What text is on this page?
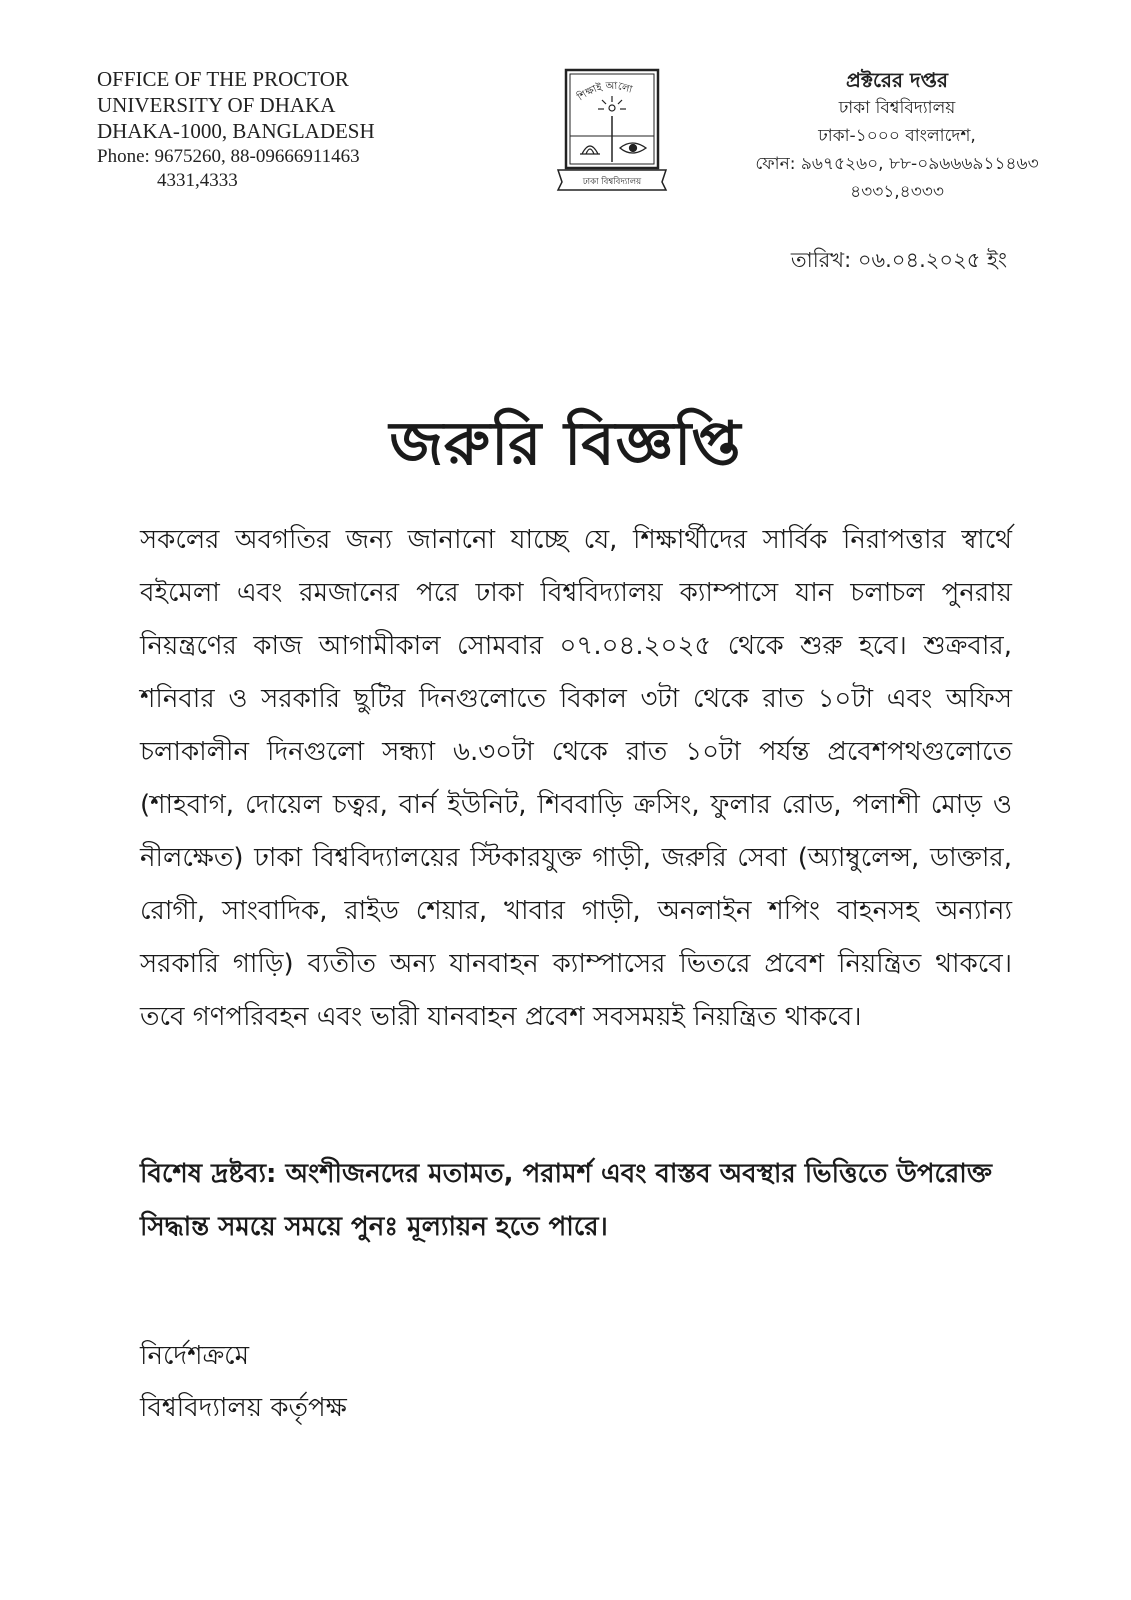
OFFICE OF THE PROCTOR
UNIVERSITY OF DHAKA
DHAKA-1000, BANGLADESH
Phone: 9675260, 88-09666911463
4331,4333
শিক্ষাই আলো
ঢাকা বিশ্ববিদ্যালয়
প্রক্টরের দপ্তর
ঢাকা বিশ্ববিদ্যালয়
ঢাকা-১০০০ বাংলাদেশ,
ফোন: ৯৬৭৫২৬০, ৮৮-০৯৬৬৬৯১১৪৬৩
৪৩৩১,৪৩৩৩
তারিখ: ০৬.০৪.২০২৫ ইং
জরুরি বিজ্ঞপ্তি
সকলের অবগতির জন্য জানানো যাচ্ছে যে, শিক্ষার্থীদের সার্বিক নিরাপত্তার স্বার্থে বইমেলা এবং রমজানের পরে ঢাকা বিশ্ববিদ্যালয় ক্যাম্পাসে যান চলাচল পুনরায় নিয়ন্ত্রণের কাজ আগামীকাল সোমবার ০৭.০৪.২০২৫ থেকে শুরু হবে। শুক্রবার, শনিবার ও সরকারি ছুটির দিনগুলোতে বিকাল ৩টা থেকে রাত ১০টা এবং অফিস চলাকালীন দিনগুলো সন্ধ্যা ৬.৩০টা থেকে রাত ১০টা পর্যন্ত প্রবেশপথগুলোতে (শাহবাগ, দোয়েল চত্বর, বার্ন ইউনিট, শিববাড়ি ক্রসিং, ফুলার রোড, পলাশী মোড় ও নীলক্ষেত) ঢাকা বিশ্ববিদ্যালয়ের স্টিকারযুক্ত গাড়ী, জরুরি সেবা (অ্যাম্বুলেন্স, ডাক্তার, রোগী, সাংবাদিক, রাইড শেয়ার, খাবার গাড়ী, অনলাইন শপিং বাহনসহ অন্যান্য সরকারি গাড়ি) ব্যতীত অন্য যানবাহন ক্যাম্পাসের ভিতরে প্রবেশ নিয়ন্ত্রিত থাকবে। তবে গণপরিবহন এবং ভারী যানবাহন প্রবেশ সবসময়ই নিয়ন্ত্রিত থাকবে।
বিশেষ দ্রষ্টব্য: অংশীজনদের মতামত, পরামর্শ এবং বাস্তব অবস্থার ভিত্তিতে উপরোক্ত সিদ্ধান্ত সময়ে সময়ে পুনঃ মূল্যায়ন হতে পারে।
নির্দেশক্রমে
বিশ্ববিদ্যালয় কর্তৃপক্ষ
